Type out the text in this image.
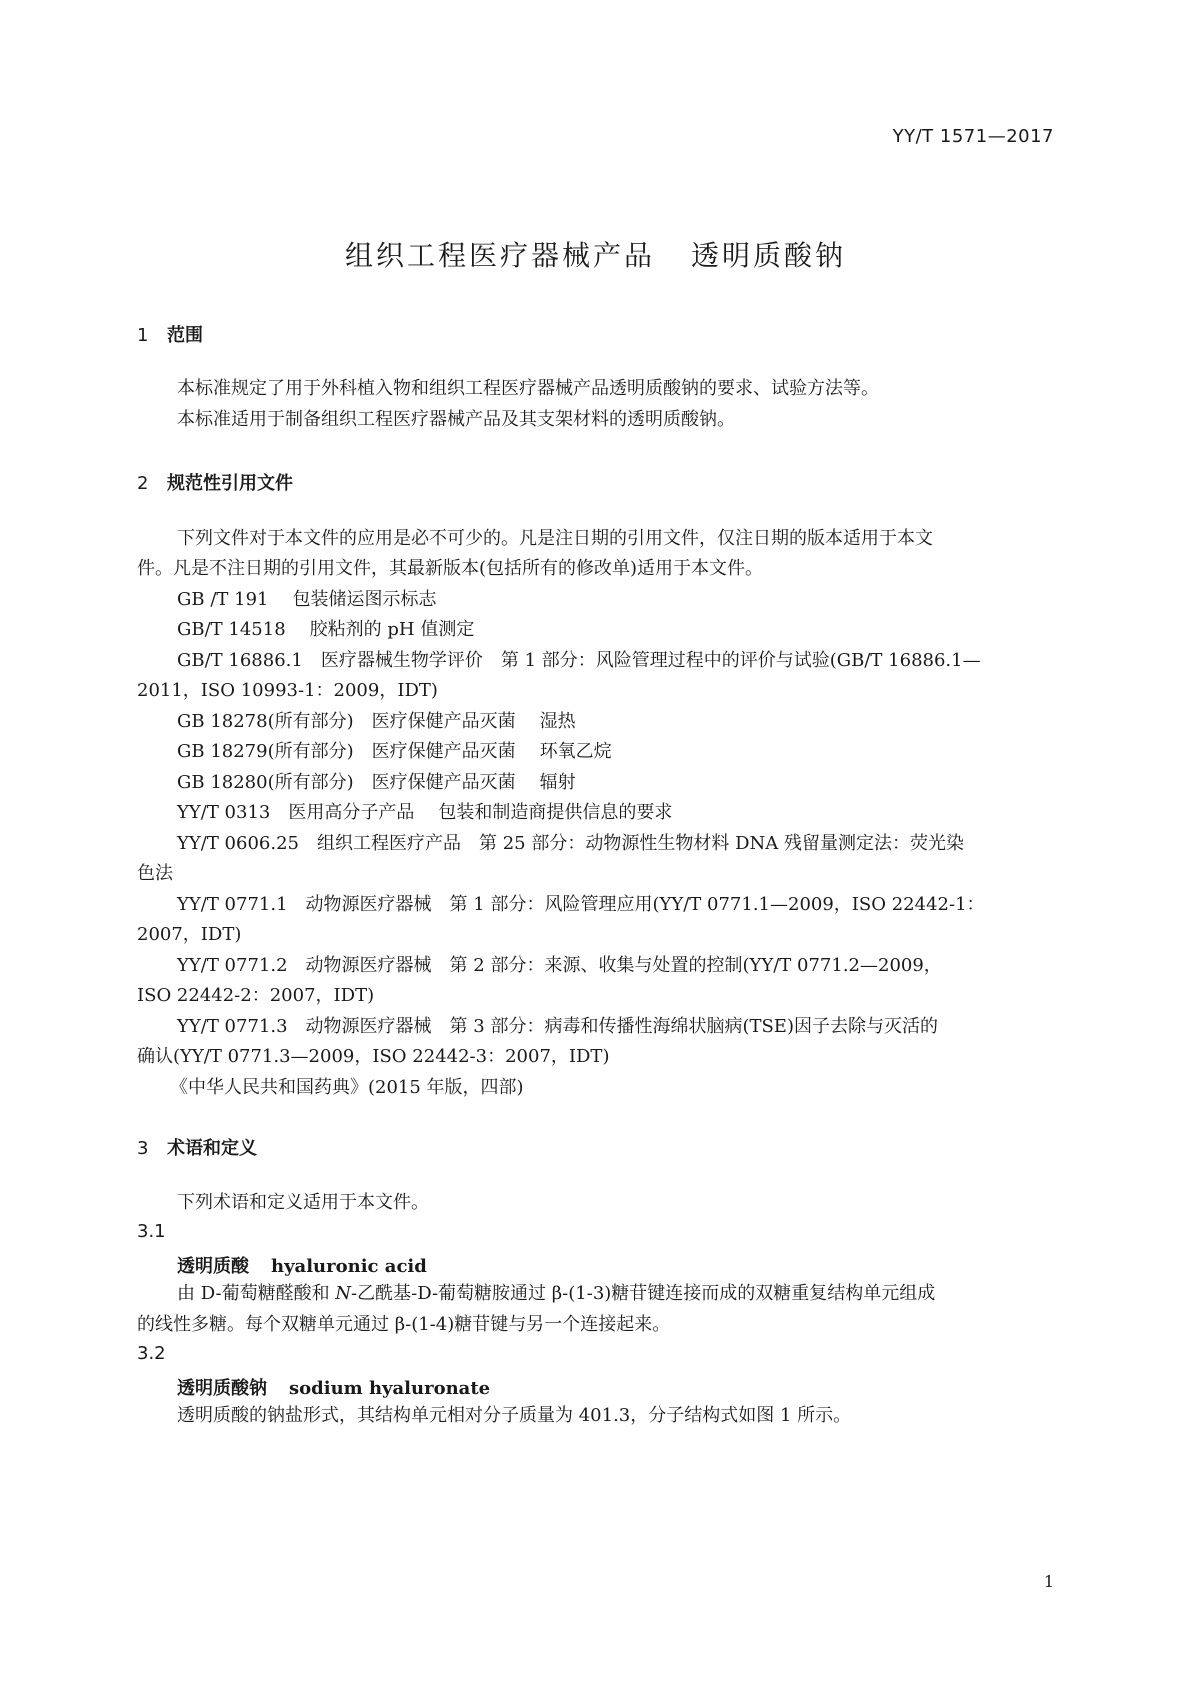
YY/T 1571—2017
组织工程医疗器械产品 透明质酸钠
1 范围
本标准规定了用于外科植入物和组织工程医疗器械产品透明质酸钠的要求、试验方法等。
本标准适用于制备组织工程医疗器械产品及其支架材料的透明质酸钠。
2 规范性引用文件
下列文件对于本文件的应用是必不可少的。凡是注日期的引用文件，仅注日期的版本适用于本文
件。凡是不注日期的引用文件，其最新版本(包括所有的修改单)适用于本文件。
GB /T 191 包装储运图示标志
GB/T 14518 胶粘剂的 pH 值测定
GB/T 16886.1 医疗器械生物学评价 第 1 部分：风险管理过程中的评价与试验(GB/T 16886.1—
2011，ISO 10993-1：2009，IDT)
GB 18278(所有部分) 医疗保健产品灭菌 湿热
GB 18279(所有部分) 医疗保健产品灭菌 环氧乙烷
GB 18280(所有部分) 医疗保健产品灭菌 辐射
YY/T 0313 医用高分子产品 包装和制造商提供信息的要求
YY/T 0606.25 组织工程医疗产品 第 25 部分：动物源性生物材料 DNA 残留量测定法：荧光染
色法
YY/T 0771.1 动物源医疗器械 第 1 部分：风险管理应用(YY/T 0771.1—2009，ISO 22442-1：
2007，IDT)
YY/T 0771.2 动物源医疗器械 第 2 部分：来源、收集与处置的控制(YY/T 0771.2—2009，
ISO 22442-2：2007，IDT)
YY/T 0771.3 动物源医疗器械 第 3 部分：病毒和传播性海绵状脑病(TSE)因子去除与灭活的
确认(YY/T 0771.3—2009，ISO 22442-3：2007，IDT)
《中华人民共和国药典》(2015 年版，四部)
3 术语和定义
下列术语和定义适用于本文件。
3.1
透明质酸 hyaluronic acid
由 D-葡萄糖醛酸和 N-乙酰基-D-葡萄糖胺通过 β-(1-3)糖苷键连接而成的双糖重复结构单元组成
的线性多糖。每个双糖单元通过 β-(1-4)糖苷键与另一个连接起来。
3.2
透明质酸钠 sodium hyaluronate
透明质酸的钠盐形式，其结构单元相对分子质量为 401.3，分子结构式如图 1 所示。
1
